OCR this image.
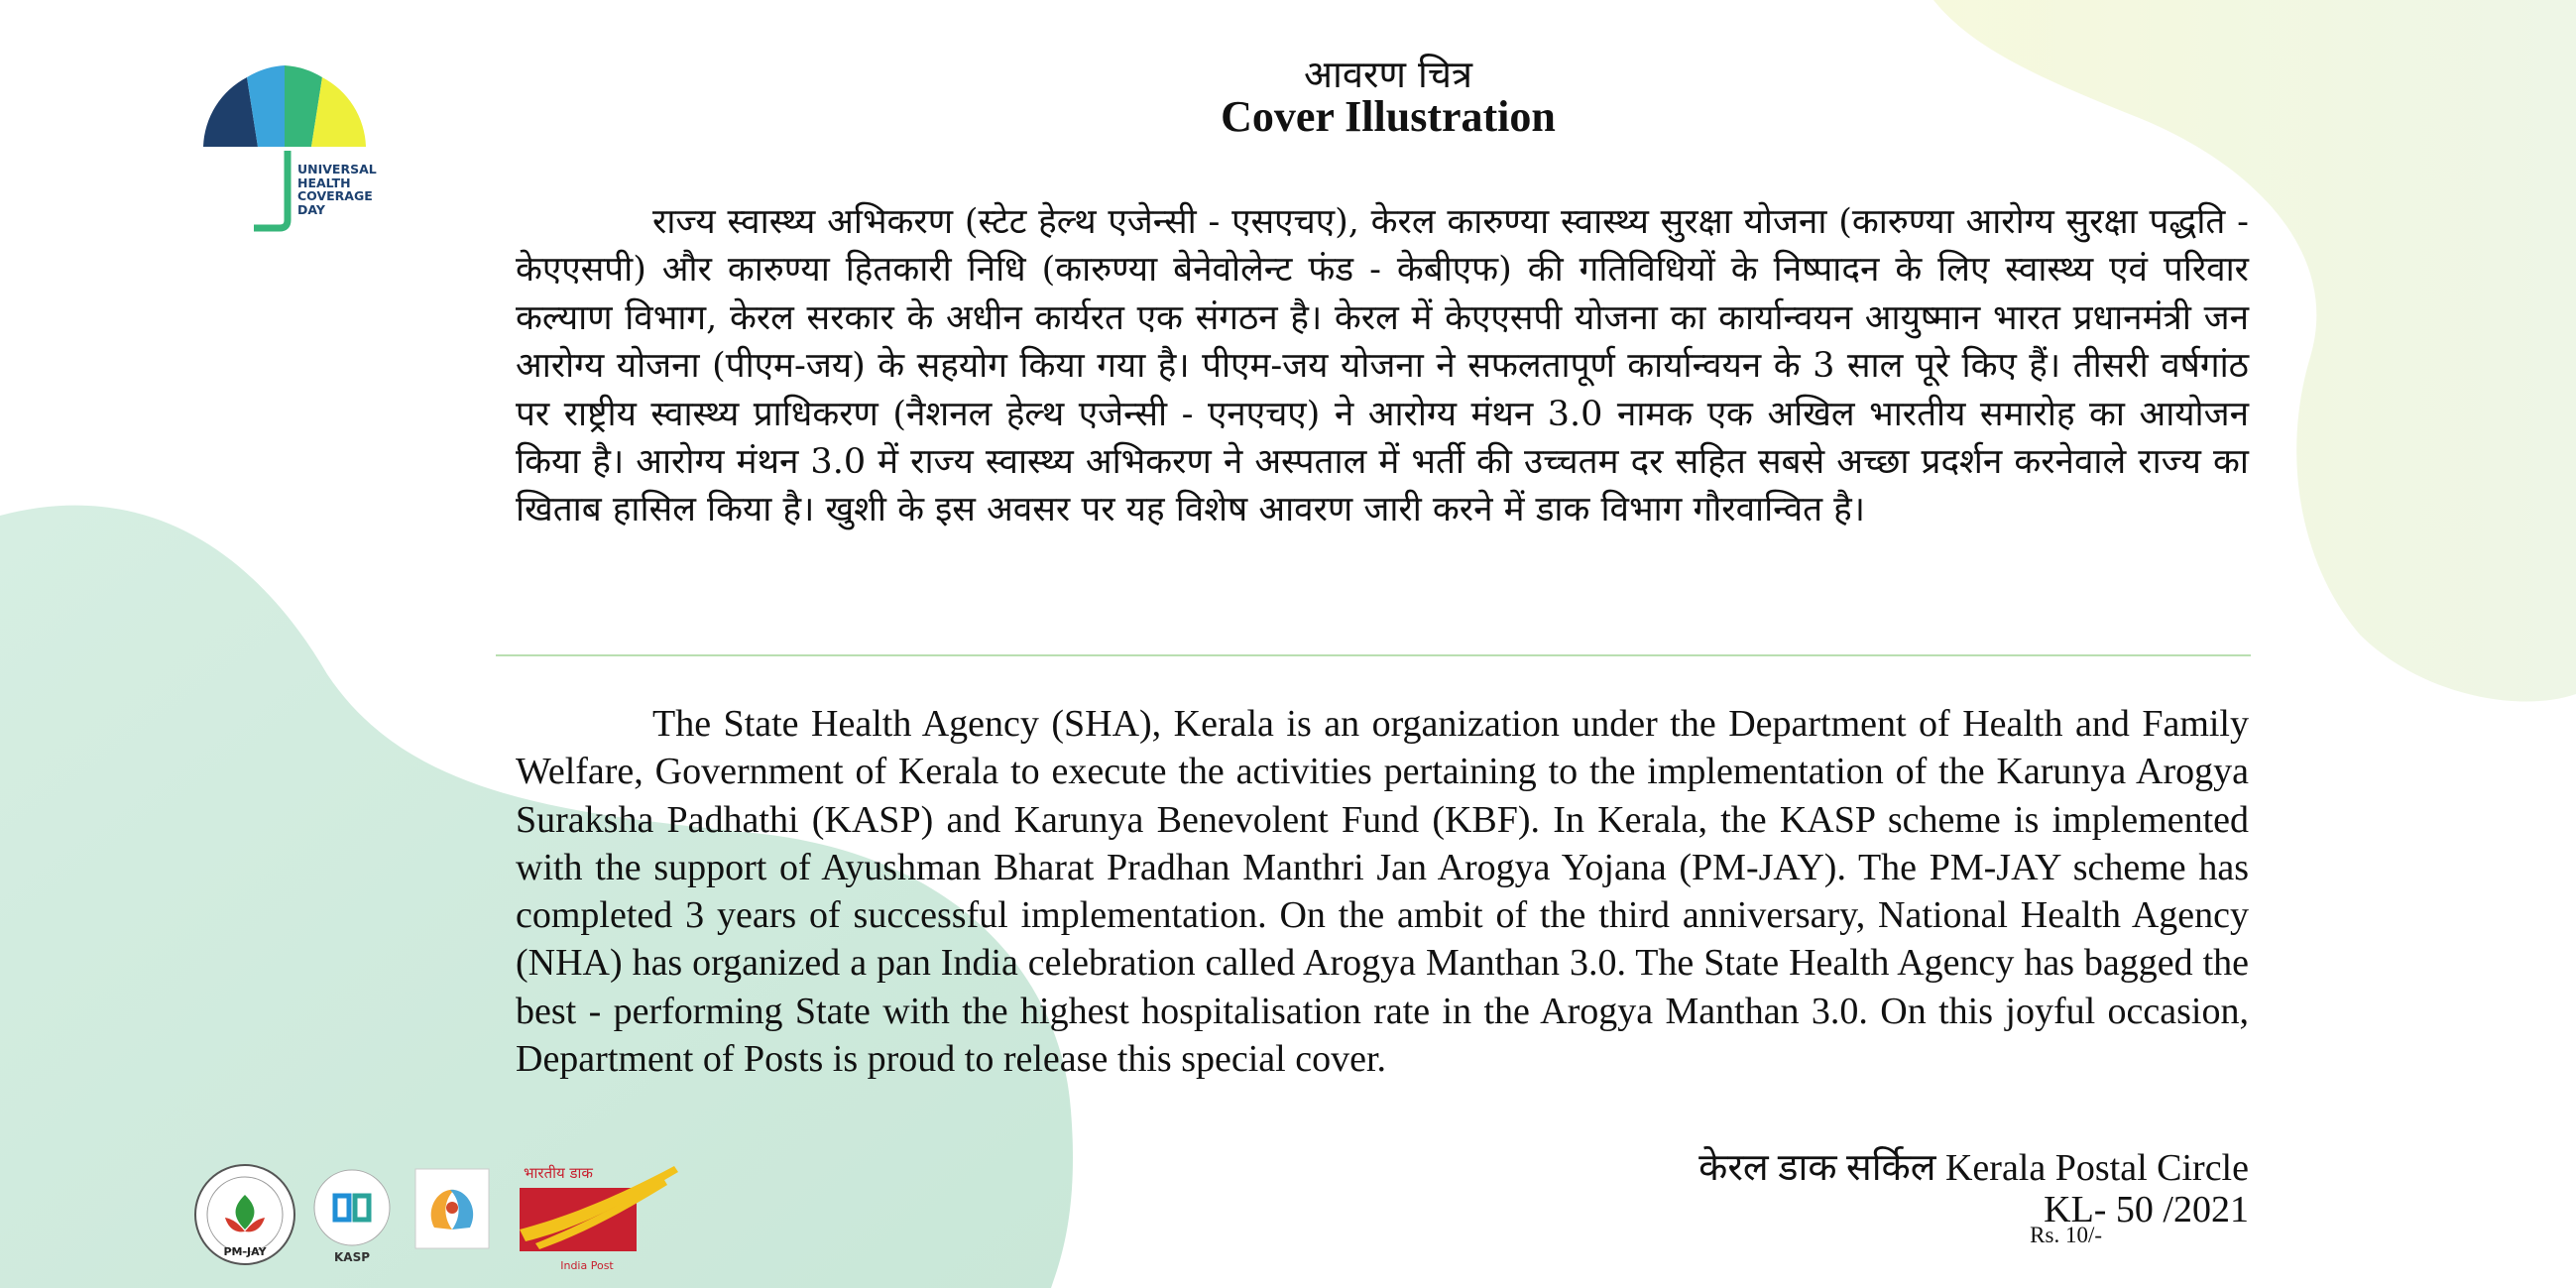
UNIVERSAL
HEALTH
COVERAGE
DAY
आवरण चित्र
Cover Illustration

राज्य स्वास्थ्य अभिकरण (स्टेट हेल्थ एजेन्सी - एसएचए), केरल कारुण्या स्वास्थ्य सुरक्षा योजना (कारुण्या आरोग्य सुरक्षा पद्धति - केएएसपी) और कारुण्या हितकारी निधि (कारुण्या बेनेवोलेन्ट फंड - केबीएफ) की गतिविधियों के निष्पादन के लिए स्वास्थ्य एवं परिवार कल्याण विभाग, केरल सरकार के अधीन कार्यरत एक संगठन है। केरल में केएएसपी योजना का कार्यान्वयन आयुष्मान भारत प्रधानमंत्री जन आरोग्य योजना (पीएम-जय) के सहयोग किया गया है। पीएम-जय योजना ने सफलतापूर्ण कार्यान्वयन के 3 साल पूरे किए हैं। तीसरी वर्षगांठ पर राष्ट्रीय स्वास्थ्य प्राधिकरण (नैशनल हेल्थ एजेन्सी - एनएचए) ने आरोग्य मंथन 3.0 नामक एक अखिल भारतीय समारोह का आयोजन किया है। आरोग्य मंथन 3.0 में राज्य स्वास्थ्य अभिकरण ने अस्पताल में भर्ती की उच्चतम दर सहित सबसे अच्छा प्रदर्शन करनेवाले राज्य का खिताब हासिल किया है। खुशी के इस अवसर पर यह विशेष आवरण जारी करने में डाक विभाग गौरवान्वित है।

The State Health Agency (SHA), Kerala is an organization under the Department of Health and Family Welfare, Government of Kerala to execute the activities pertaining to the implementation of the Karunya Arogya Suraksha Padhathi (KASP) and Karunya Benevolent Fund (KBF). In Kerala, the KASP scheme is implemented with the support of Ayushman Bharat Pradhan Manthri Jan Arogya Yojana (PM-JAY). The PM-JAY scheme has completed 3 years of successful implementation. On the ambit of the third anniversary, National Health Agency (NHA) has organized a pan India celebration called Arogya Manthan 3.0. The State Health Agency has bagged the best - performing State with the highest hospitalisation rate in the Arogya Manthan 3.0. On this joyful occasion, Department of Posts is proud to release this special cover.

केरल डाक सर्किल Kerala Postal Circle
KL- 50 /2021
Rs. 10/-
PM-JAY	KASP
भारतीय डाक
India Post
